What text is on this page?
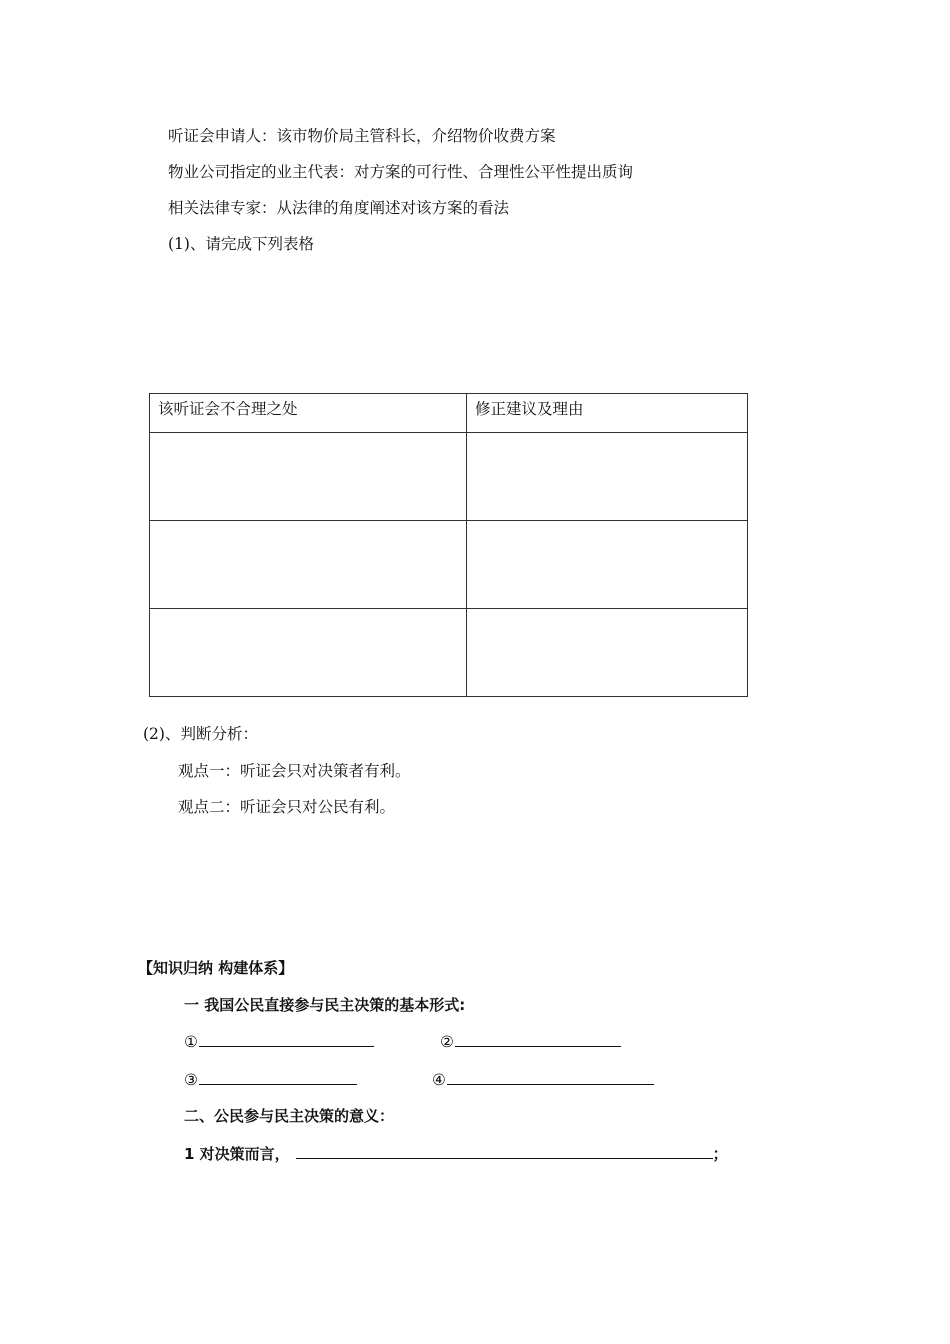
听证会申请人：该市物价局主管科长，介绍物价收费方案
物业公司指定的业主代表：对方案的可行性、合理性公平性提出质询
相关法律专家：从法律的角度阐述对该方案的看法
(1)、请完成下列表格
该听证会不合理之处	修正建议及理由

(2)、判断分析：
观点一：听证会只对决策者有利。
观点二：听证会只对公民有利。
【知识归纳 构建体系】
一 我国公民直接参与民主决策的基本形式:
①	②
③	④
二、公民参与民主决策的意义：
1 对决策而言，	；
